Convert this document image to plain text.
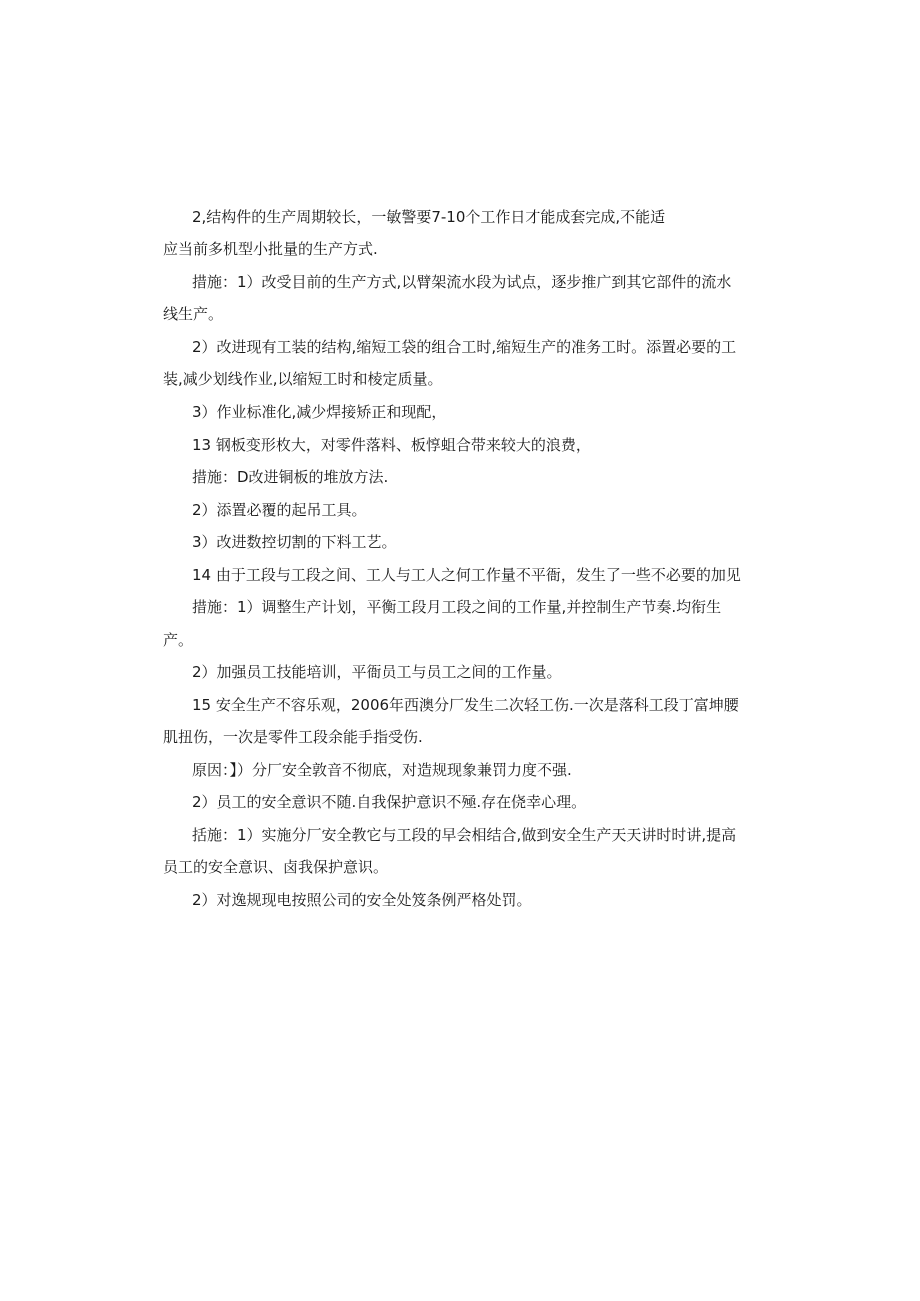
2,结构件的生产周期较长，一敏警要7-10个工作日才能成套完成,不能适
应当前多机型小批量的生产方式.
措施：1）改受目前的生产方式,以臂架流水段为试点，逐步推广到其它部件的流水
线生产。
2）改进现有工装的结构,缩短工袋的组合工时,缩短生产的准务工时。添置必要的工
装,减少划线作业,以缩短工时和棱定质量。
3）作业标准化,减少焊接矫正和现配，
13 钢板变形枚大，对零件落料、板惇蛆合带来较大的浪费，
措施：D改进铜板的堆放方法.
2）添置必覆的起吊工具。
3）改进数控切割的下料工艺。
14 由于工段与工段之间、工人与工人之何工作量不平衙，发生了一些不必要的加见
措施：1）调整生产计划，平衡工段月工段之间的工作量,并控制生产节奏.均衔生
产。
2）加强员工技能培训，平衙员工与员工之间的工作量。
15 安全生产不容乐观，2006年西澳分厂发生二次轻工伤.一次是落科工段丁富坤腰
肌扭伤，一次是零件工段余能手指受伤.
原因：】）分厂安全敦音不彻底，对造规现象兼罚力度不强.
2）员工的安全意识不随.自我保护意识不殛.存在侥幸心理。
括施：1）实施分厂安全教它与工段的早会相结合,做到安全生产天天讲时时讲,提高
员工的安全意识、卤我保护意识。
2）对逸规现电按照公司的安全处笈条例严格处罚。
